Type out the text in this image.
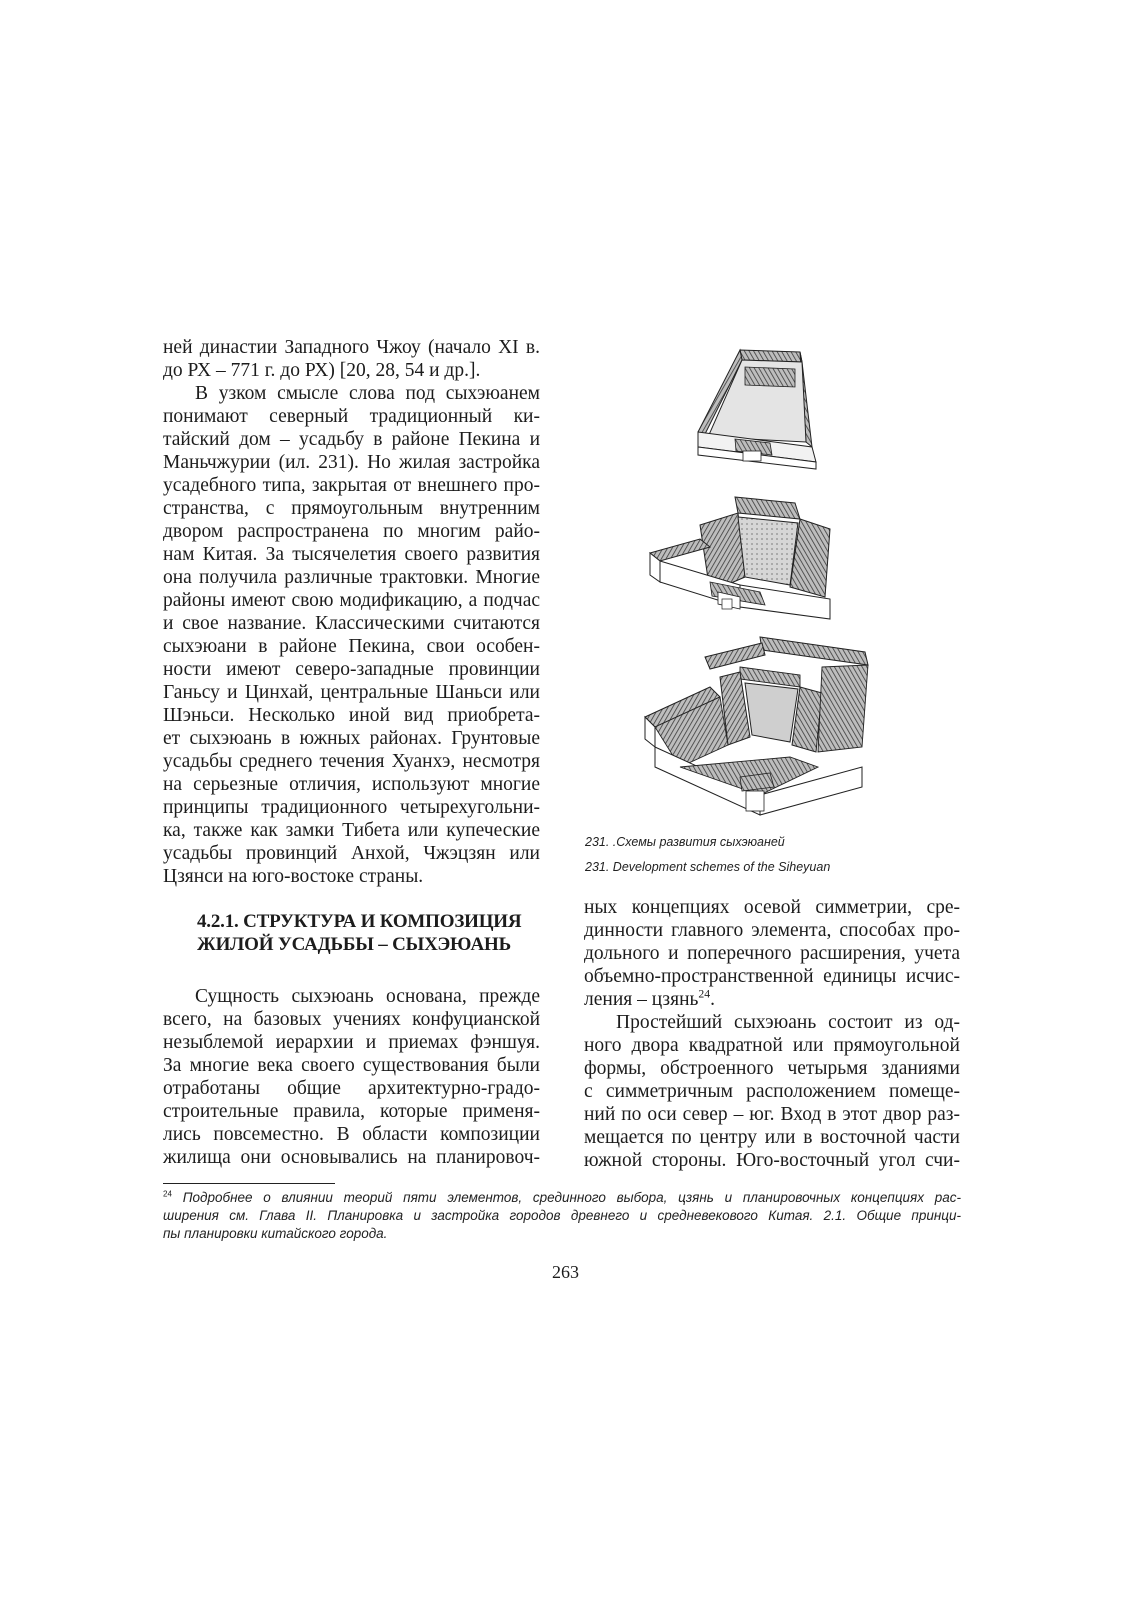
ней династии Западного Чжоу (начало XI в.
до РХ – 771 г. до РХ) [20, 28, 54 и др.].
В узком смысле слова под сыхэюанем
понимают северный традиционный ки-
тайский дом – усадьбу в районе Пекина и
Маньчжурии (ил. 231). Но жилая застройка
усадебного типа, закрытая от внешнего про-
странства, с прямоугольным внутренним
двором распространена по многим райо-
нам Китая. За тысячелетия своего развития
она получила различные трактовки. Многие
районы имеют свою модификацию, а подчас
и свое название. Классическими считаются
сыхэюани в районе Пекина, свои особен-
ности имеют северо-западные провинции
Ганьсу и Цинхай, центральные Шаньси или
Шэньси. Несколько иной вид приобрета-
ет сыхэюань в южных районах. Грунтовые
усадьбы среднего течения Хуанхэ, несмотря
на серьезные отличия, используют многие
принципы традиционного четырехугольни-
ка, также как замки Тибета или купеческие
усадьбы провинций Анхой, Чжэцзян или
Цзянси на юго-востоке страны.
4.2.1. СТРУКТУРА И КОМПОЗИЦИЯ
ЖИЛОЙ УСАДЬБЫ – СЫХЭЮАНЬ
Сущность сыхэюань основана, прежде
всего, на базовых учениях конфуцианской
незыблемой иерархии и приемах фэншуя.
За многие века своего существования были
отработаны общие архитектурно-градо-
строительные правила, которые применя-
лись повсеместно. В области композиции
жилища они основывались на планировоч-
231. .Схемы развития сыхэюаней
231. Development schemes of the Siheyuan
ных концепциях осевой симметрии, сре-
динности главного элемента, способах про-
дольного и поперечного расширения, учета
объемно-пространственной единицы исчис-
ления – цзянь$^{24}$.
Простейший сыхэюань состоит из од-
ного двора квадратной или прямоугольной
формы, обстроенного четырьмя зданиями
с симметричным расположением помеще-
ний по оси север – юг. Вход в этот двор раз-
мещается по центру или в восточной части
южной стороны. Юго-восточный угол счи-
$^{24}$ Подробнее о влиянии теорий пяти элементов, срединного выбора, цзянь и планировочных концепциях рас-
ширения см. Глава II. Планировка и застройка городов древнего и средневекового Китая. 2.1. Общие принци-
пы планировки китайского города.
263
